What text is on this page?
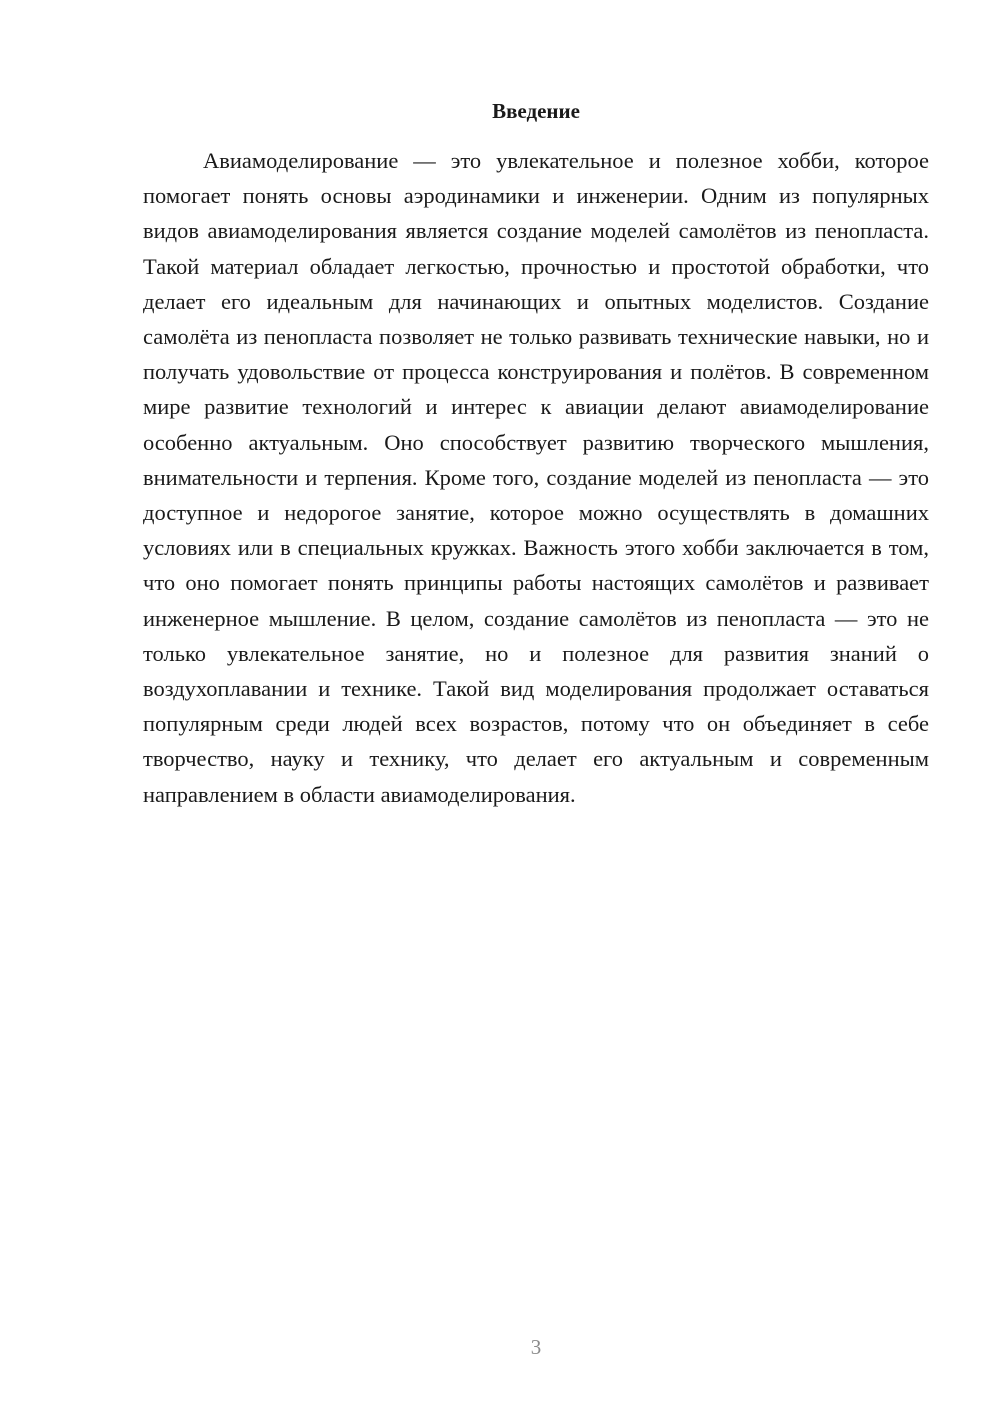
Введение

Авиамоделирование — это увлекательное и полезное хобби, которое помогает понять основы аэродинамики и инженерии. Одним из популярных видов авиамоделирования является создание моделей самолётов из пенопласта. Такой материал обладает легкостью, прочностью и простотой обработки, что делает его идеальным для начинающих и опытных моделистов. Создание самолёта из пенопласта позволяет не только развивать технические навыки, но и получать удовольствие от процесса конструирования и полётов. В современном мире развитие технологий и интерес к авиации делают авиамоделирование особенно актуальным. Оно способствует развитию творческого мышления, внимательности и терпения. Кроме того, создание моделей из пенопласта — это доступное и недорогое занятие, которое можно осуществлять в домашних условиях или в специальных кружках. Важность этого хобби заключается в том, что оно помогает понять принципы работы настоящих самолётов и развивает инженерное мышление. В целом, создание самолётов из пенопласта — это не только увлекательное занятие, но и полезное для развития знаний о воздухоплавании и технике. Такой вид моделирования продолжает оставаться популярным среди людей всех возрастов, потому что он объединяет в себе творчество, науку и технику, что делает его актуальным и современным направлением в области авиамоделирования.

3
